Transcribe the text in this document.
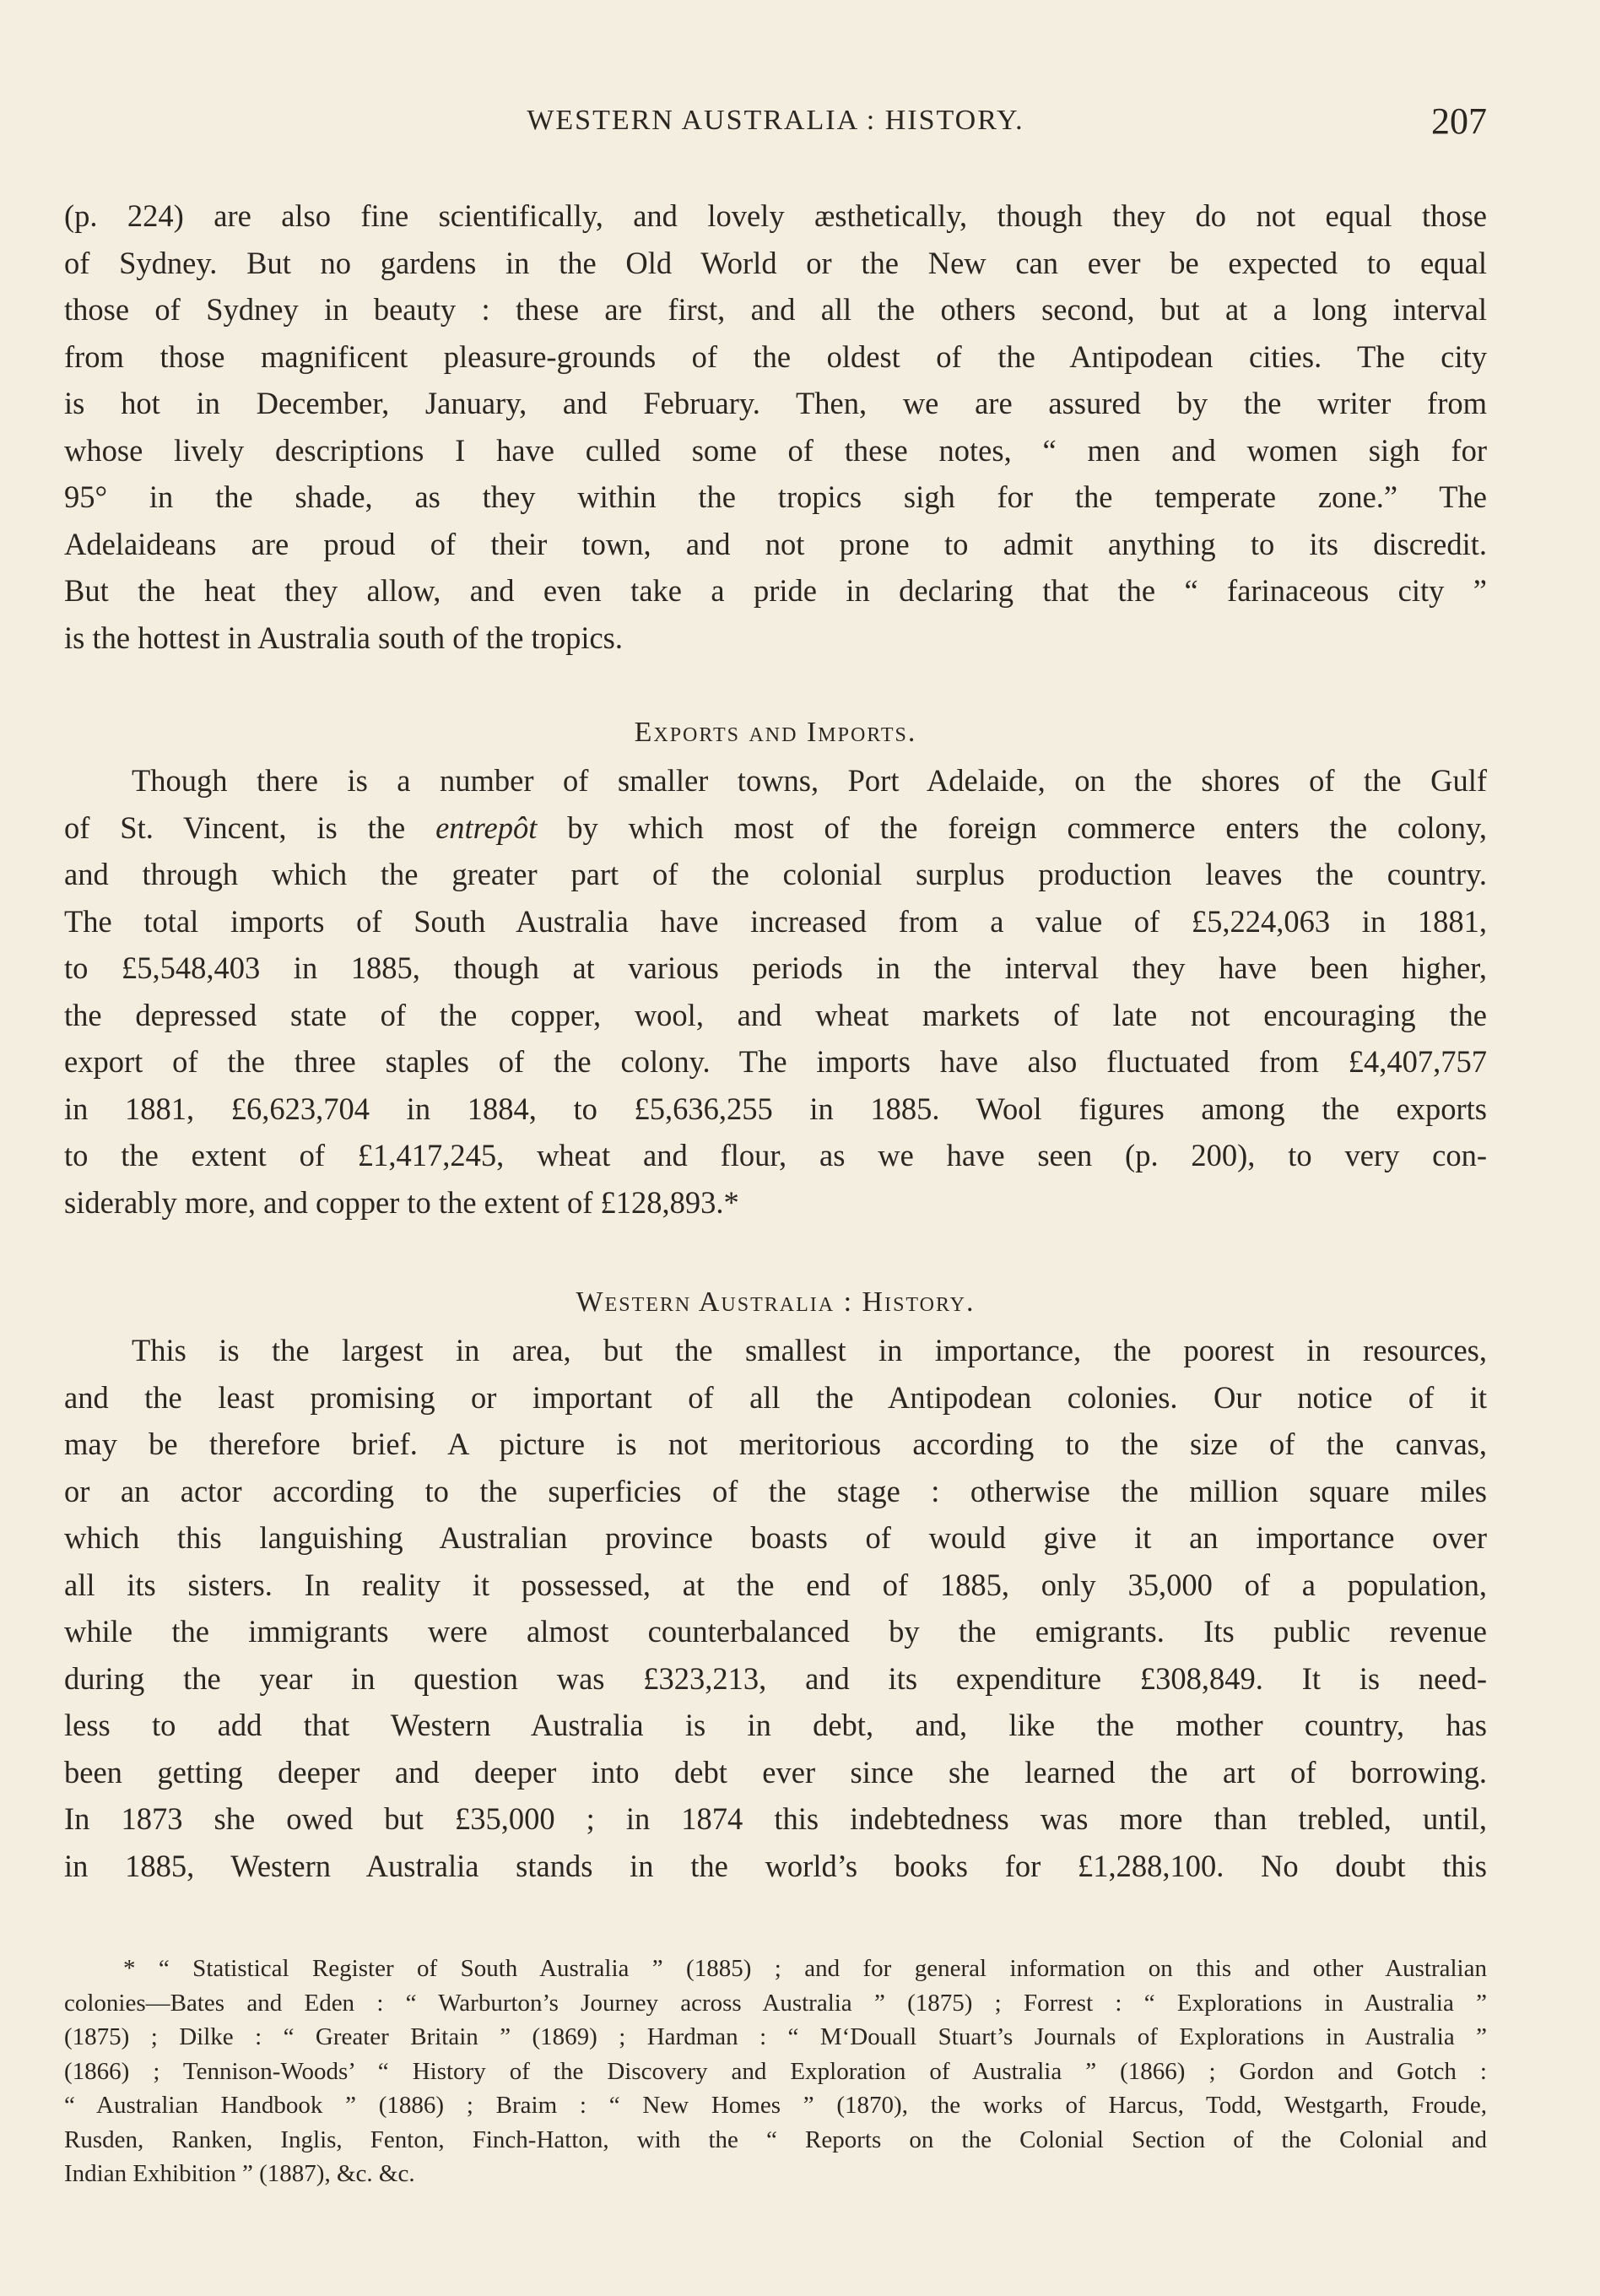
WESTERN AUSTRALIA : HISTORY.	207
(p. 224) are also fine scientifically, and lovely æsthetically, though they do not equal those
of Sydney. But no gardens in the Old World or the New can ever be expected to equal
those of Sydney in beauty : these are first, and all the others second, but at a long interval
from those magnificent pleasure-grounds of the oldest of the Antipodean cities. The city
is hot in December, January, and February. Then, we are assured by the writer from
whose lively descriptions I have culled some of these notes, “ men and women sigh for
95° in the shade, as they within the tropics sigh for the temperate zone.” The
Adelaideans are proud of their town, and not prone to admit anything to its discredit.
But the heat they allow, and even take a pride in declaring that the “ farinaceous city ”
is the hottest in Australia south of the tropics.
Exports and Imports.
Though there is a number of smaller towns, Port Adelaide, on the shores of the Gulf
of St. Vincent, is the entrepôt by which most of the foreign commerce enters the colony,
and through which the greater part of the colonial surplus production leaves the country.
The total imports of South Australia have increased from a value of £5,224,063 in 1881,
to £5,548,403 in 1885, though at various periods in the interval they have been higher,
the depressed state of the copper, wool, and wheat markets of late not encouraging the
export of the three staples of the colony. The imports have also fluctuated from £4,407,757
in 1881, £6,623,704 in 1884, to £5,636,255 in 1885. Wool figures among the exports
to the extent of £1,417,245, wheat and flour, as we have seen (p. 200), to very con-
siderably more, and copper to the extent of £128,893.*
Western Australia : History.
This is the largest in area, but the smallest in importance, the poorest in resources,
and the least promising or important of all the Antipodean colonies. Our notice of it
may be therefore brief. A picture is not meritorious according to the size of the canvas,
or an actor according to the superficies of the stage : otherwise the million square miles
which this languishing Australian province boasts of would give it an importance over
all its sisters. In reality it possessed, at the end of 1885, only 35,000 of a population,
while the immigrants were almost counterbalanced by the emigrants. Its public revenue
during the year in question was £323,213, and its expenditure £308,849. It is need-
less to add that Western Australia is in debt, and, like the mother country, has
been getting deeper and deeper into debt ever since she learned the art of borrowing.
In 1873 she owed but £35,000 ; in 1874 this indebtedness was more than trebled, until,
in 1885, Western Australia stands in the world’s books for £1,288,100. No doubt this
* “ Statistical Register of South Australia ” (1885) ; and for general information on this and other Australian
colonies—Bates and Eden : “ Warburton’s Journey across Australia ” (1875) ; Forrest : “ Explorations in Australia ”
(1875) ; Dilke : “ Greater Britain ” (1869) ; Hardman : “ M‘Douall Stuart’s Journals of Explorations in Australia ”
(1866) ; Tennison-Woods’ “ History of the Discovery and Exploration of Australia ” (1866) ; Gordon and Gotch :
“ Australian Handbook ” (1886) ; Braim : “ New Homes ” (1870), the works of Harcus, Todd, Westgarth, Froude,
Rusden, Ranken, Inglis, Fenton, Finch-Hatton, with the “ Reports on the Colonial Section of the Colonial and
Indian Exhibition ” (1887), &c. &c.
